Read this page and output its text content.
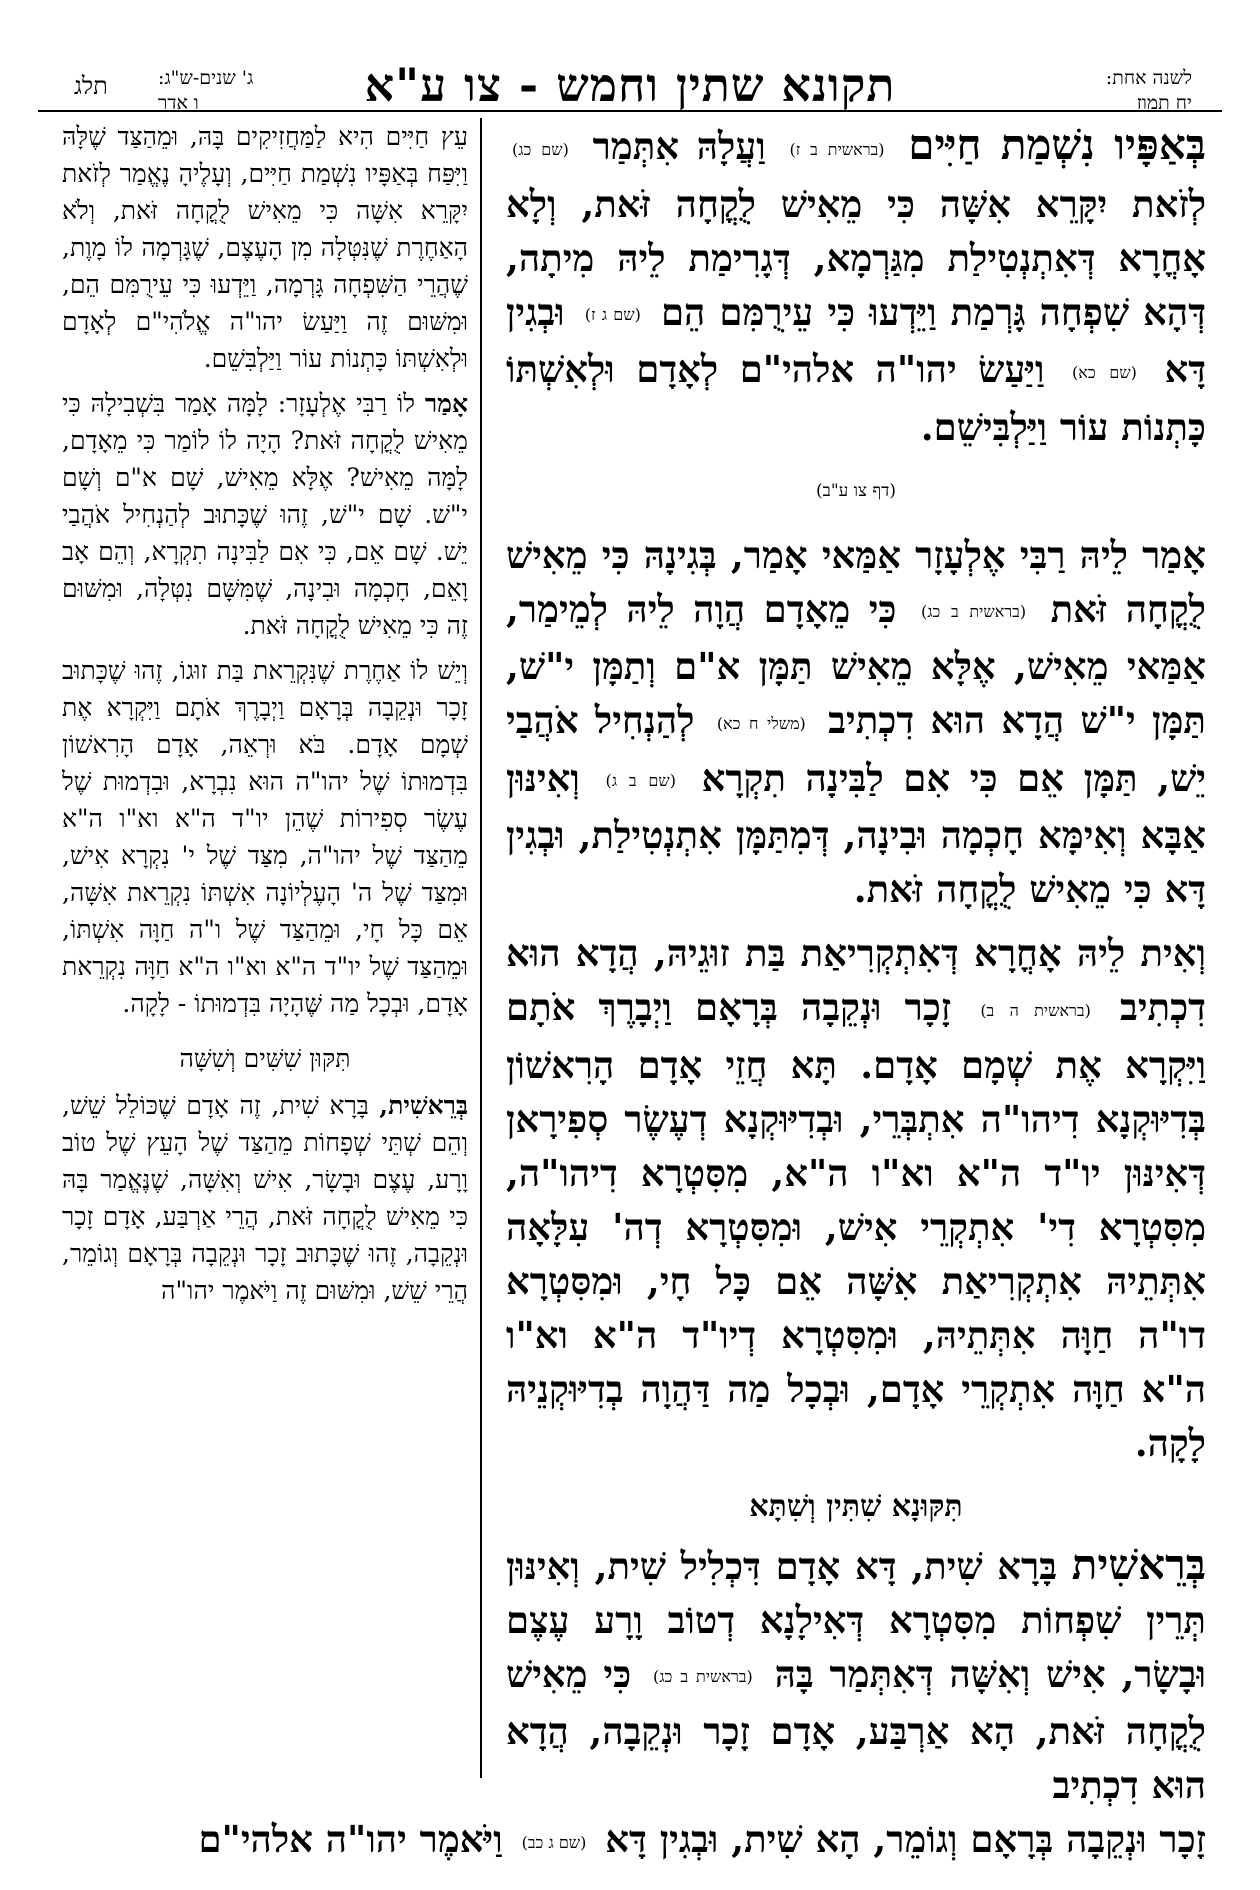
לשנה אחת:
יח תמוז
תקונא שתין וחמש - צו ע"א
ג' שנים-ש"ג:
ו אדר
תלג

בְּאַפָּיו נִשְׁמַת חַיִּים (בראשית ב ז) וַעֲלָהּ אִתְּמַר (שם כג) לְזֹאת יִקָּרֵא אִשָּׁה כִּי מֵאִישׁ לֻקֳחָה זֹּאת, וְלָא אָחֳרָא דְּאִתְנְטִילַת מִגַּרְמָא, דְּגָרִימַת לֵיהּ מִיתָה, דְּהָא שִׁפְחָה גָּרְמַת וַיֵּדְעוּ כִּי עֵירֻמִּם הֵם (שם ג ז) וּבְגִין דָּא (שם כא) וַיַּעַשׂ יהו"ה אלהי"ם לְאָדָם וּלְאִשְׁתּוֹ כָּתְנוֹת עוֹר וַיַּלְבִּישֵׁם.

(דף צו ע"ב)

אָמַר לֵיהּ רַבִּי אֶלְעָזָר אַמַּאי אָמַר, בְּגִינָהּ כִּי מֵאִישׁ לֻקֳחָה זֹּאת (בראשית ב כג) כִּי מֵאָדָם הֲוָה לֵיהּ לְמֵימַר, אַמַּאי מֵאִישׁ, אֶלָּא מֵאִישׁ תַּמָּן א"ם וְתַמָּן י"שׁ, תַּמָּן י"שׁ הֲדָא הוּא דִכְתִיב (משלי ח כא) לְהַנְחִיל אֹהֲבַי יֵשׁ, תַּמָּן אֵם כִּי אִם לַבִּינָה תִקְרָא (שם ב ג) וְאִינּוּן אַבָּא וְאִימָּא חָכְמָה וּבִינָה, דְּמִתַּמָּן אִתְנְטִילַת, וּבְגִין דָּא כִּי מֵאִישׁ לֻקֳחָה זֹּאת.

וְאִית לֵיהּ אָחֳרָא דְּאִתְקְרִיאַת בַּת זוּגֵיהּ, הֲדָא הוּא דִכְתִיב (בראשית ה ב) זָכָר וּנְקֵבָה בְּרָאָם וַיְבָרֶךְ אֹתָם וַיִּקְרָא אֶת שְׁמָם אָדָם. תָּא חֲזֵי אָדָם הָרִאשׁוֹן בְּדִיּוּקְנָא דִיהו"ה אִתְבְּרֵי, וּבְדִיּוּקְנָא דְעֶשֶׂר סְפִירָאן דְּאִינּוּן יו"ד ה"א וא"ו ה"א, מִסִּטְרָא דִיהו"ה, מִסִּטְרָא דִי' אִתְקְרֵי אִישׁ, וּמִסִּטְרָא דְה' עִלָּאָה אִתְּתֵיהּ אִתְקְרִיאַת אִשָּׁה אֵם כָּל חָי, וּמִסִּטְרָא דו"ה חַוָּה אִתְּתֵיהּ, וּמִסִּטְרָא דְיו"ד ה"א וא"ו ה"א חַוָּה אִתְקְרֵי אָדָם, וּבְכָל מַה דַּהֲוָה בְדִיּוּקְנֵיהּ לָקָה.

תִּקּוּנָא שִׁתִּין וְשִׁתָּא

בְּרֵאשִׁית בָּרָא שִׁית, דָּא אָדָם דִּכְלִיל שִׁית, וְאִינּוּן תְּרֵין שִׁפְחוֹת מִסִּטְרָא דְּאִילָנָא דְטוֹב וָרָע עֶצֶם וּבָשָׂר, אִישׁ וְאִשָּׁה דְּאִתְּמַר בָּהּ (בראשית ב כג) כִּי מֵאִישׁ לֻקֳחָה זֹּאת, הָא אַרְבַּע, אָדָם זָכָר וּנְקֵבָה, הֲדָא הוּא דִכְתִיב

עֵץ חַיִּים הִיא לַמַּחֲזִיקִים בָּהּ, וּמֵהַצַּד שֶׁלָּהּ וַיִּפַּח בְּאַפָּיו נִשְׁמַת חַיִּים, וְעָלֶיהָ נֶאֱמַר לְזֹאת יִקָּרֵא אִשָּׁה כִּי מֵאִישׁ לֻקֳחָה זֹּאת, וְלֹא הָאַחֶרֶת שֶׁנִּטְּלָה מִן הָעֶצֶם, שֶׁגָּרְמָה לוֹ מָוֶת, שֶׁהֲרֵי הַשִּׁפְחָה גָּרְמָה, וַיֵּדְעוּ כִּי עֵירֻמִּם הֵם, וּמִשּׁוּם זֶה וַיַּעַשׂ יהו"ה אֱלֹהִי"ם לְאָדָם וּלְאִשְׁתּוֹ כָּתְנוֹת עוֹר וַיַּלְבִּשֵׁם.

אָמַר לוֹ רַבִּי אֶלְעָזָר: לָמָּה אָמַר בִּשְׁבִילָהּ כִּי מֵאִישׁ לֻקֳחָה זֹּאת? הָיָה לוֹ לוֹמַר כִּי מֵאָדָם, לָמָּה מֵאִישׁ? אֶלָּא מֵאִישׁ, שָׁם א"ם וְשָׁם י"שׁ. שָׁם י"שׁ, זֶהוּ שֶׁכָּתוּב לְהַנְחִיל אֹהֲבַי יֵשׁ. שָׁם אֵם, כִּי אִם לַבִּינָה תִקְרָא, וְהֵם אָב וָאֵם, חָכְמָה וּבִינָה, שֶׁמִּשָּׁם נִטְּלָה, וּמִשּׁוּם זֶה כִּי מֵאִישׁ לֻקֳחָה זֹּאת.

וְיֵשׁ לוֹ אַחֶרֶת שֶׁנִּקְרֵאת בַּת זוּגוֹ, זֶהוּ שֶׁכָּתוּב זָכָר וּנְקֵבָה בְּרָאָם וַיְבָרֶךְ אֹתָם וַיִּקְרָא אֶת שְׁמָם אָדָם. בֹּא וּרְאֵה, אָדָם הָרִאשׁוֹן בִּדְמוּתוֹ שֶׁל יהו"ה הוּא נִבְרָא, וּבִדְמוּת שֶׁל עֶשֶׂר סְפִירוֹת שֶׁהֵן יו"ד ה"א וא"ו ה"א מֵהַצַּד שֶׁל יהו"ה, מִצַּד שֶׁל י' נִקְרָא אִישׁ, וּמִצַּד שֶׁל ה' הָעֶלְיוֹנָה אִשְׁתּוֹ נִקְרֵאת אִשָּׁה, אֵם כָּל חָי, וּמֵהַצַּד שֶׁל ו"ה חַוָּה אִשְׁתּוֹ, וּמֵהַצַּד שֶׁל יו"ד ה"א וא"ו ה"א חַוָּה נִקְרֵאת אָדָם, וּבְכָל מַה שֶּׁהָיָה בִּדְמוּתוֹ - לָקָה.

תִּקּוּן שִׁשִּׁים וְשִׁשָּׁה

בְּרֵאשִׁית, בָּרָא שִׁית, זֶה אָדָם שֶׁכּוֹלֵל שֵׁשׁ, וְהֵם שְׁתֵּי שְׁפָחוֹת מֵהַצַּד שֶׁל הָעֵץ שֶׁל טוֹב וָרָע, עֶצֶם וּבָשָׂר, אִישׁ וְאִשָּׁה, שֶׁנֶּאֱמַר בָּהּ כִּי מֵאִישׁ לֻקֳחָה זֹּאת, הֲרֵי אַרְבַּע, אָדָם זָכָר וּנְקֵבָה, זֶהוּ שֶׁכָּתוּב זָכָר וּנְקֵבָה בְּרָאָם וְגוֹמֵר, הֲרֵי שֵׁשׁ, וּמִשּׁוּם זֶה וַיֹּאמֶר יהו"ה

זָכָר וּנְקֵבָה בְּרָאָם וְגוֹמֵר, הָא שִׁית, וּבְגִין דָּא (שם ג כב) וַיֹּאמֶר יהו"ה אלהי"ם
